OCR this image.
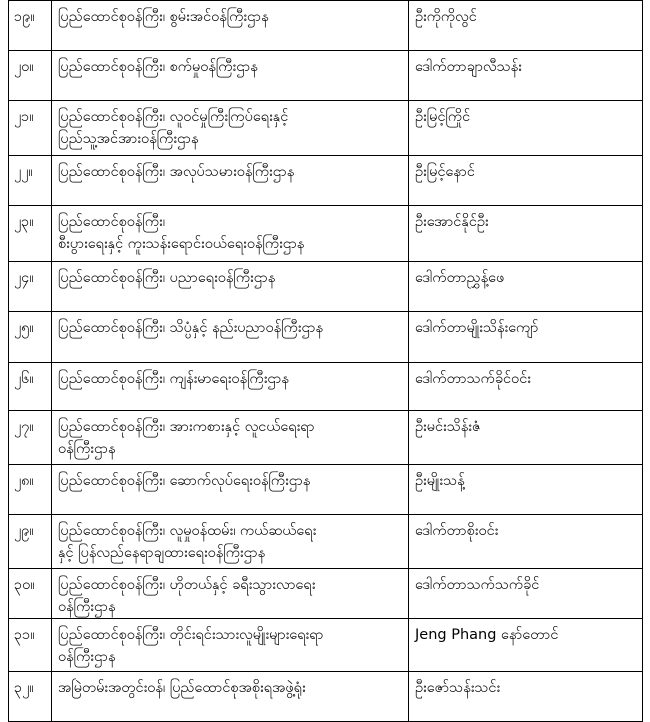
၁၉။	ပြည်ထောင်စုဝန်ကြီး၊ စွမ်းအင်ဝန်ကြီးဌာန	ဦးကိုကိုလွင်
၂၀။	ပြည်ထောင်စုဝန်ကြီး၊ စက်မှုဝန်ကြီးဌာန	ဒေါက်တာချာလီသန်း
၂၁။	ပြည်ထောင်စုဝန်ကြီး၊ လူဝင်မှုကြီးကြပ်ရေးနှင့်
ပြည်သူ့အင်အားဝန်ကြီးဌာန	ဦးမြင့်ကြိုင်
၂၂။	ပြည်ထောင်စုဝန်ကြီး၊ အလုပ်သမားဝန်ကြီးဌာန	ဦးမြင့်နောင်
၂၃။	ပြည်ထောင်စုဝန်ကြီး၊
စီးပွားရေးနှင့် ကူးသန်းရောင်းဝယ်ရေးဝန်ကြီးဌာန	ဦးအောင်နိုင်ဦး
၂၄။	ပြည်ထောင်စုဝန်ကြီး၊ ပညာရေးဝန်ကြီးဌာန	ဒေါက်တာညွှန့်ဖေ
၂၅။	ပြည်ထောင်စုဝန်ကြီး၊ သိပ္ပံနှင့် နည်းပညာဝန်ကြီးဌာန	ဒေါက်တာမျိုးသိန်းကျော်
၂၆။	ပြည်ထောင်စုဝန်ကြီး၊ ကျန်းမာရေးဝန်ကြီးဌာန	ဒေါက်တာသက်ခိုင်ဝင်း
၂၇။	ပြည်ထောင်စုဝန်ကြီး၊ အားကစားနှင့် လူငယ်ရေးရာ
ဝန်ကြီးဌာန	ဦးမင်းသိန်းဇံ
၂၈။	ပြည်ထောင်စုဝန်ကြီး၊ ဆောက်လုပ်ရေးဝန်ကြီးဌာန	ဦးမျိုးသန့်
၂၉။	ပြည်ထောင်စုဝန်ကြီး၊ လူမှုဝန်ထမ်း၊ ကယ်ဆယ်ရေး
နှင့် ပြန်လည်နေရာချထားရေးဝန်ကြီးဌာန	ဒေါက်တာစိုးဝင်း
၃၀။	ပြည်ထောင်စုဝန်ကြီး၊ ဟိုတယ်နှင့် ခရီးသွားလာရေး
ဝန်ကြီးဌာန	ဒေါက်တာသက်သက်ခိုင်
၃၁။	ပြည်ထောင်စုဝန်ကြီး၊ တိုင်းရင်းသားလူမျိုးများရေးရာ
ဝန်ကြီးဌာန	Jeng Phang နော်တောင်
၃၂။	အမြဲတမ်းအတွင်းဝန်၊ ပြည်ထောင်စုအစိုးရအဖွဲ့ရုံး	ဦးဇော်သန်းသင်း
